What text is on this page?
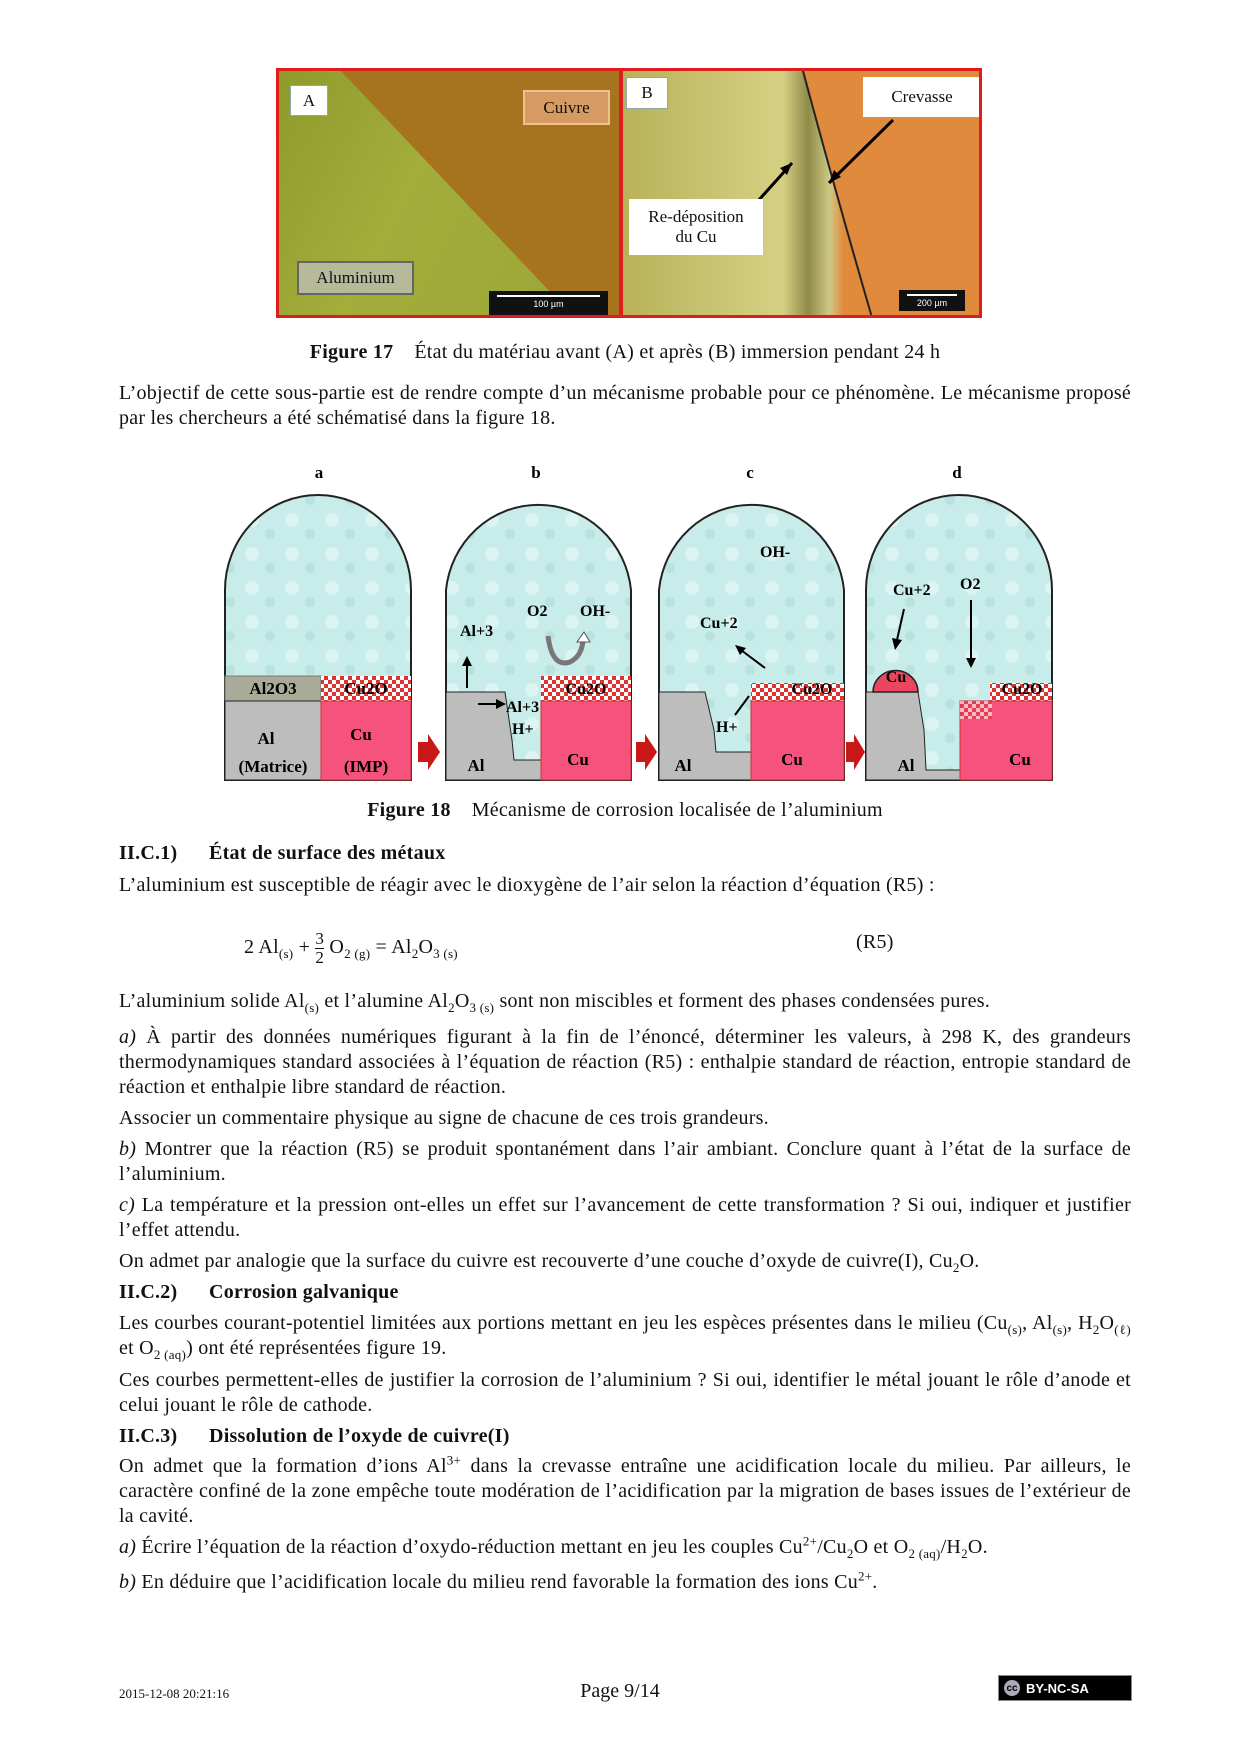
A	Cuivre
Aluminium
100 µm
B	Crevasse
Re-déposition
du Cu
200 µm
Figure 17 État du matériau avant (A) et après (B) immersion pendant 24 h
L’objectif de cette sous-partie est de rendre compte d’un mécanisme probable pour ce phénomène. Le mécanisme proposé par les chercheurs a été schématisé dans la figure 18.
a	b	c	d
Al2O3	Cu2O
Al
(Matrice)
Cu
(IMP)
Al+3
O2 OH-
Al+3
H+
Cu2O
Al	Cu
OH-
Cu+2
H+
Cu2O
Al	Cu
Cu+2 O2
Cu
Cu2O
Al	Cu
Figure 18 Mécanisme de corrosion localisée de l’aluminium
II.C.1) État de surface des métaux
L’aluminium est susceptible de réagir avec le dioxygène de l’air selon la réaction d’équation (R5) :
2 $Al_{(s)} + \frac{3}{2} O_{2 (g)} = Al_2O_{3 (s)}$
(R5)
L’aluminium solide $Al_{(s)}$ et l’alumine $Al_2O_{3 (s)}$ sont non miscibles et forment des phases condensées pures.
a) À partir des données numériques figurant à la fin de l’énoncé, déterminer les valeurs, à 298 K, des grandeurs thermodynamiques standard associées à l’équation de réaction (R5) : enthalpie standard de réaction, entropie standard de réaction et enthalpie libre standard de réaction.
Associer un commentaire physique au signe de chacune de ces trois grandeurs.
b) Montrer que la réaction (R5) se produit spontanément dans l’air ambiant. Conclure quant à l’état de la surface de l’aluminium.
c) La température et la pression ont-elles un effet sur l’avancement de cette transformation ? Si oui, indiquer et justifier l’effet attendu.
On admet par analogie que la surface du cuivre est recouverte d’une couche d’oxyde de cuivre(I), $Cu_2O$.
II.C.2) Corrosion galvanique
Les courbes courant-potentiel limitées aux portions mettant en jeu les espèces présentes dans le milieu ($Cu_{(s)}$, $Al_{(s)}$, $H_2O_{(\ell)}$ et $O_{2 (aq)}$) ont été représentées figure 19.
Ces courbes permettent-elles de justifier la corrosion de l’aluminium ? Si oui, identifier le métal jouant le rôle d’anode et celui jouant le rôle de cathode.
II.C.3) Dissolution de l’oxyde de cuivre(I)
On admet que la formation d’ions $Al^{3+}$ dans la crevasse entraîne une acidification locale du milieu. Par ailleurs, le caractère confiné de la zone empêche toute modération de l’acidification par la migration de bases issues de l’extérieur de la cavité.
a) Écrire l’équation de la réaction d’oxydo-réduction mettant en jeu les couples $Cu^{2+}/Cu_2O$ et $O_{2 (aq)}/H_2O$.
b) En déduire que l’acidification locale du milieu rend favorable la formation des ions $Cu^{2+}$.
2015-12-08 20:21:16	Page 9/14	cc BY-NC-SA
